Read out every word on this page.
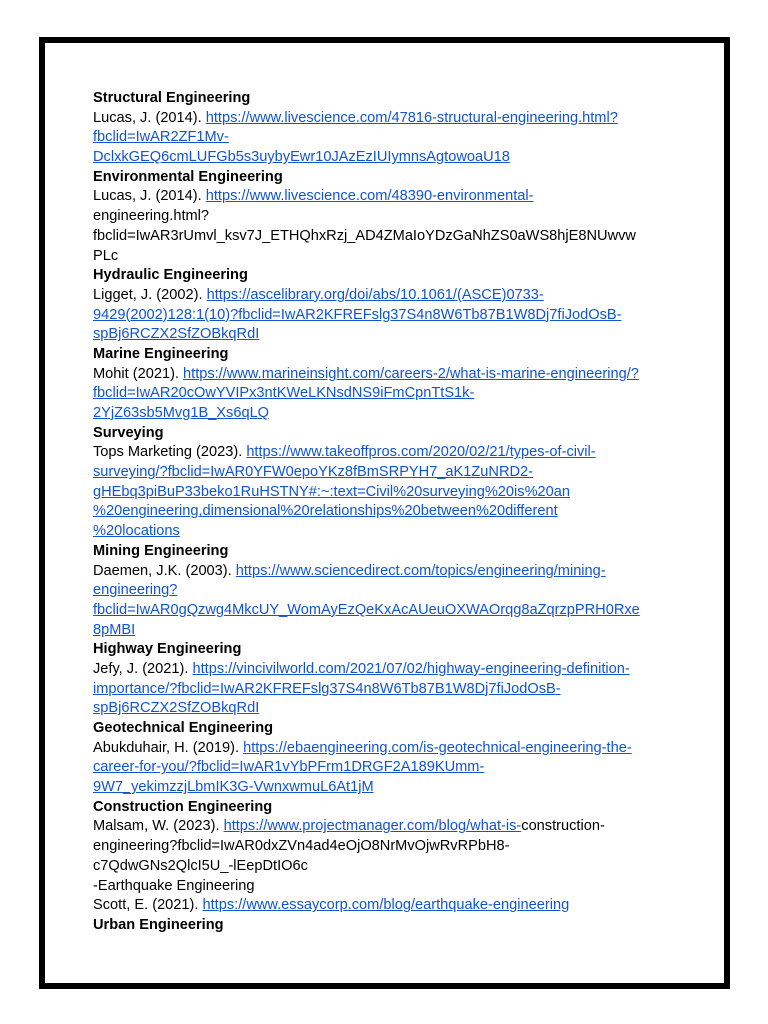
Structural Engineering
Lucas, J. (2014). https://www.livescience.com/47816-structural-engineering.html?
fbclid=IwAR2ZF1Mv-
DclxkGEQ6cmLUFGb5s3uybyEwr10JAzEzIUIymnsAgtowoaU18
Environmental Engineering
Lucas, J. (2014). https://www.livescience.com/48390-environmental-
engineering.html?
fbclid=IwAR3rUmvl_ksv7J_ETHQhxRzj_AD4ZMaIoYDzGaNhZS0aWS8hjE8NUwvw
PLc
Hydraulic Engineering
Ligget, J. (2002). https://ascelibrary.org/doi/abs/10.1061/(ASCE)0733-
9429(2002)128:1(10)?fbclid=IwAR2KFREFslg37S4n8W6Tb87B1W8Dj7fiJodOsB-
spBj6RCZX2SfZOBkqRdI
Marine Engineering
Mohit (2021). https://www.marineinsight.com/careers-2/what-is-marine-engineering/?
fbclid=IwAR20cOwYVIPx3ntKWeLKNsdNS9iFmCpnTtS1k-
2YjZ63sb5Mvg1B_Xs6qLQ
Surveying
Tops Marketing (2023). https://www.takeoffpros.com/2020/02/21/types-of-civil-
surveying/?fbclid=IwAR0YFW0epoYKz8fBmSRPYH7_aK1ZuNRD2-
gHEbq3piBuP33beko1RuHSTNY#:~:text=Civil%20surveying%20is%20an
%20engineering,dimensional%20relationships%20between%20different
%20locations
Mining Engineering
Daemen, J.K. (2003). https://www.sciencedirect.com/topics/engineering/mining-
engineering?
fbclid=IwAR0gQzwg4MkcUY_WomAyEzQeKxAcAUeuOXWAOrqg8aZqrzpPRH0Rxe
8pMBI
Highway Engineering
Jefy, J. (2021). https://vincivilworld.com/2021/07/02/highway-engineering-definition-
importance/?fbclid=IwAR2KFREFslg37S4n8W6Tb87B1W8Dj7fiJodOsB-
spBj6RCZX2SfZOBkqRdI
Geotechnical Engineering
Abukduhair, H. (2019). https://ebaengineering.com/is-geotechnical-engineering-the-
career-for-you/?fbclid=IwAR1vYbPFrm1DRGF2A189KUmm-
9W7_yekimzzjLbmIK3G-VwnxwmuL6At1jM
Construction Engineering
Malsam, W. (2023). https://www.projectmanager.com/blog/what-is-construction-
engineering?fbclid=IwAR0dxZVn4ad4eOjO8NrMvOjwRvRPbH8-
c7QdwGNs2QlcI5U_-lEepDtIO6c
-Earthquake Engineering
Scott, E. (2021). https://www.essaycorp.com/blog/earthquake-engineering
Urban Engineering
